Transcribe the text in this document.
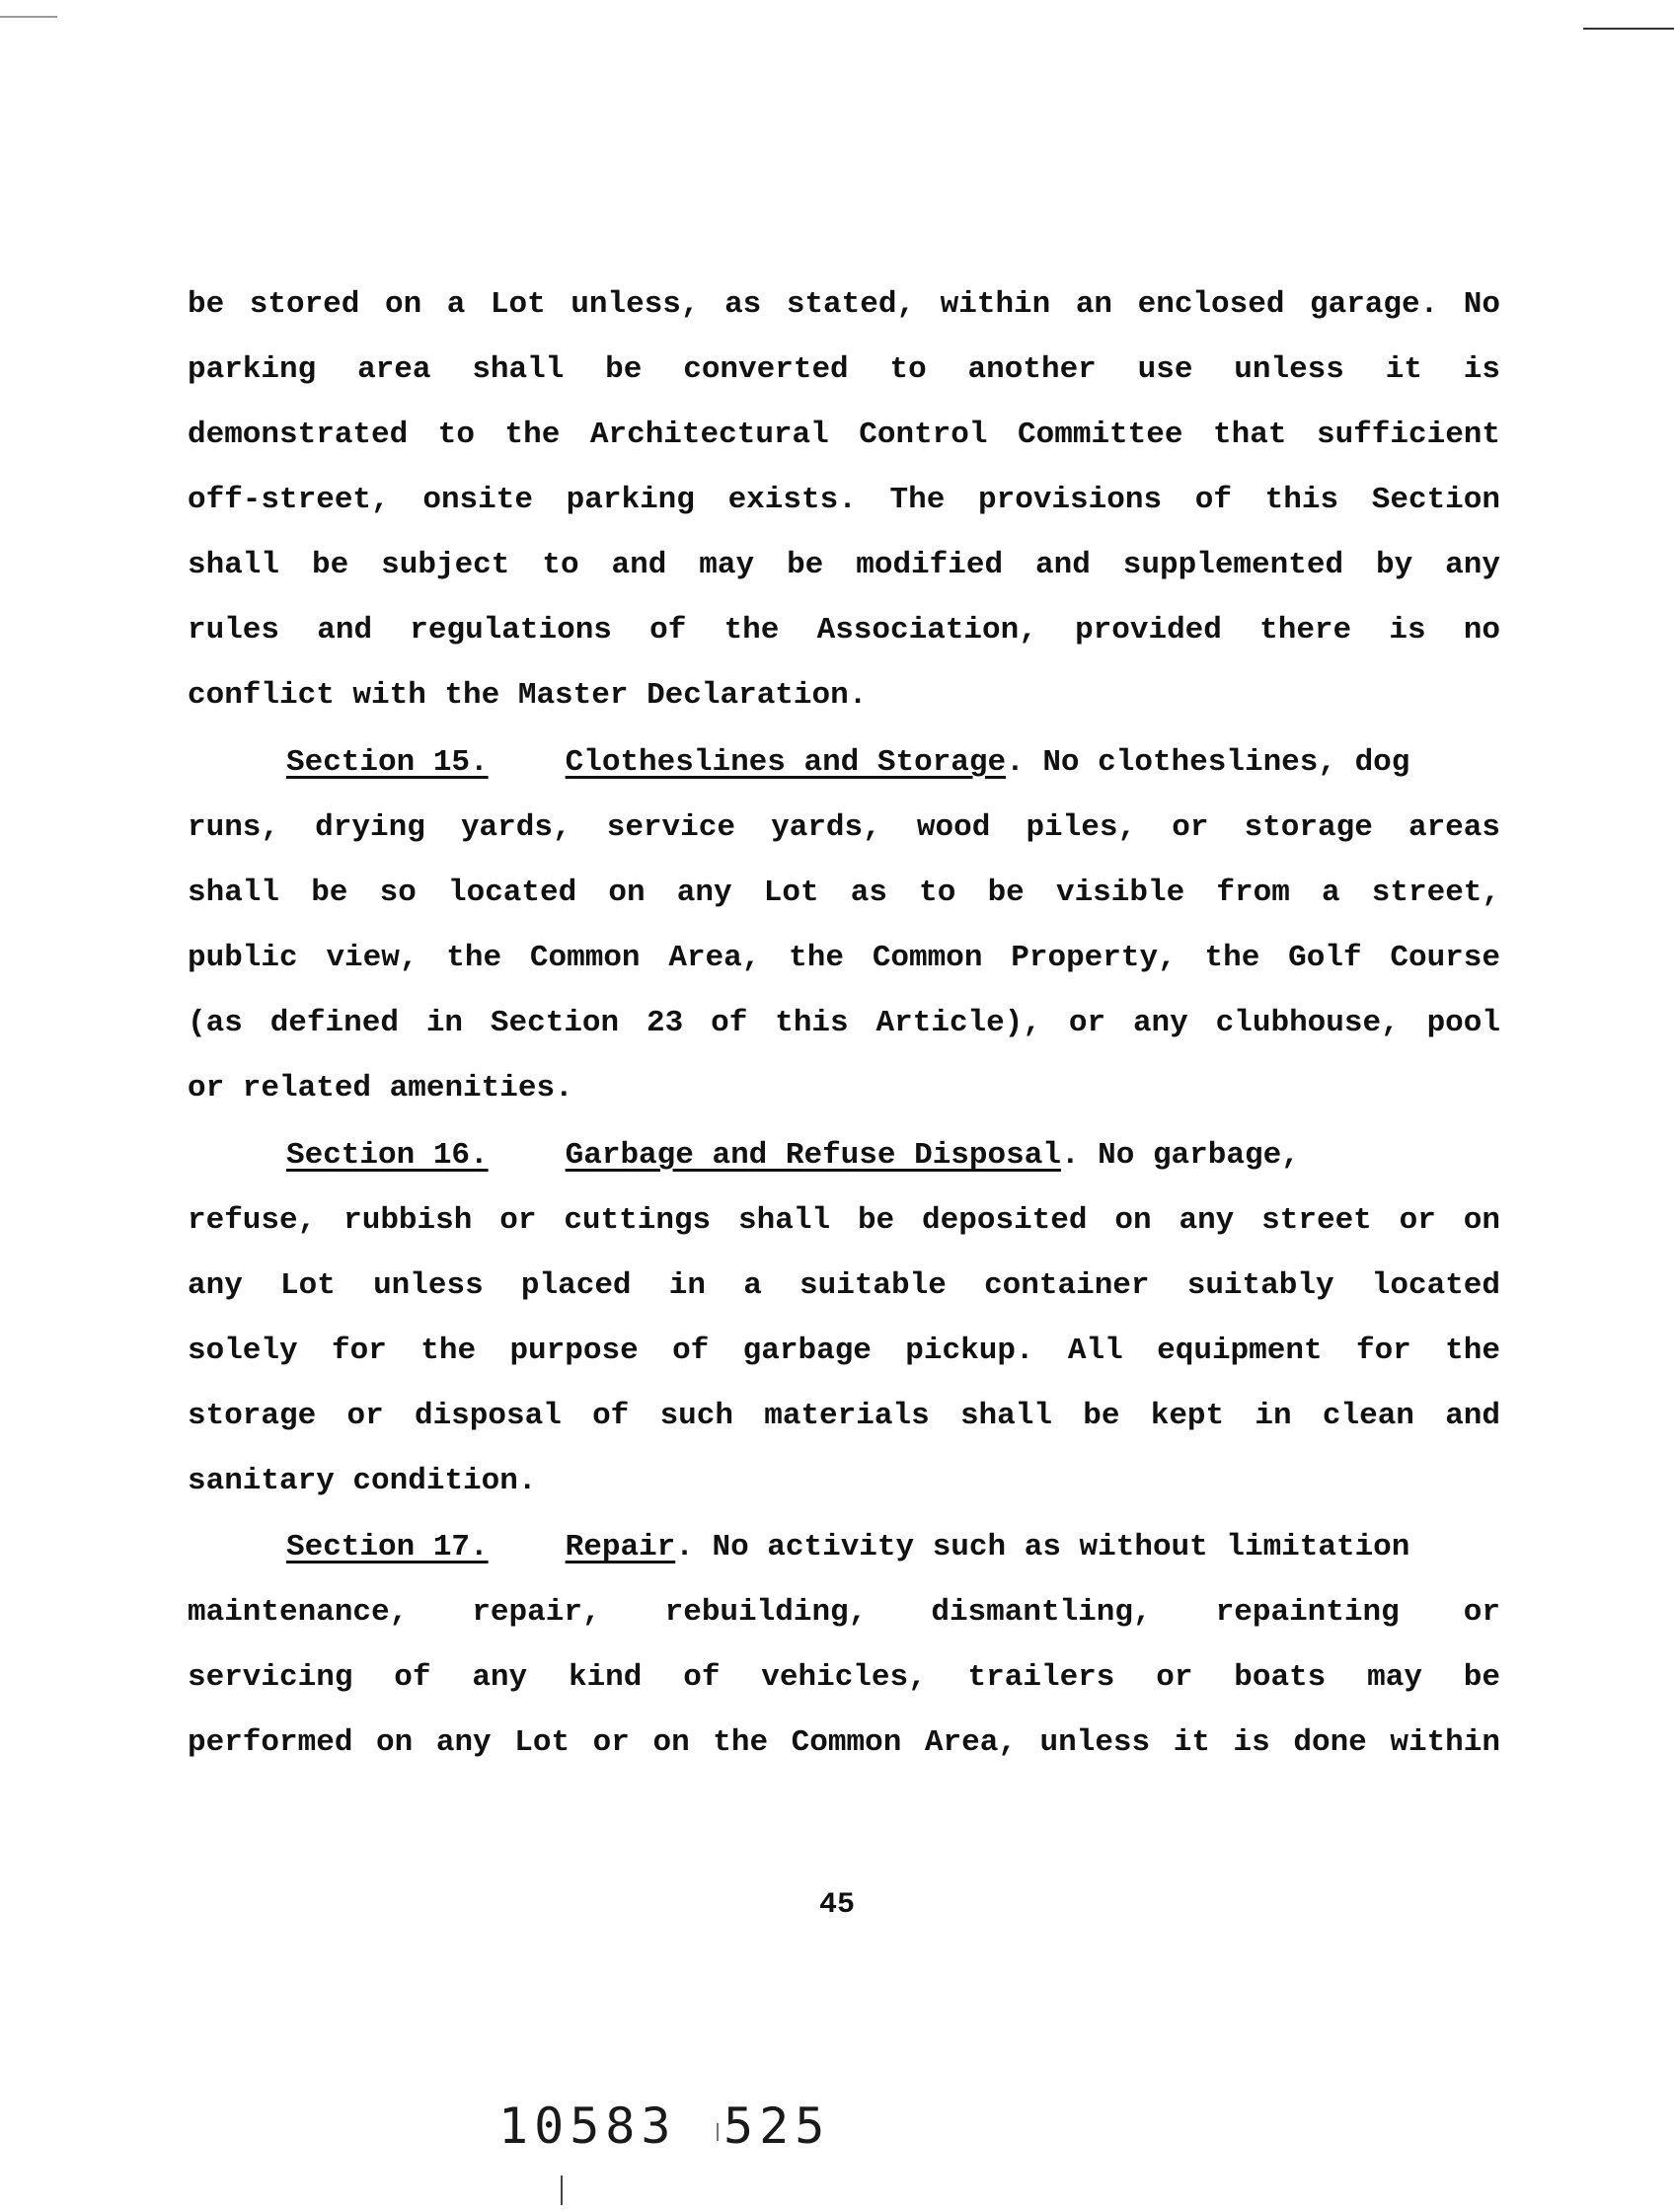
be stored on a Lot unless, as stated, within an enclosed garage. No
parking area shall be converted to another use unless it is
demonstrated to the Architectural Control Committee that sufficient
off-street, onsite parking exists. The provisions of this Section
shall be subject to and may be modified and supplemented by any
rules and regulations of the Association, provided there is no
conflict with the Master Declaration.
Section 15.	Clotheslines and Storage. No clotheslines, dog
runs, drying yards, service yards, wood piles, or storage areas
shall be so located on any Lot as to be visible from a street,
public view, the Common Area, the Common Property, the Golf Course
(as defined in Section 23 of this Article), or any clubhouse, pool
or related amenities.
Section 16.	Garbage and Refuse Disposal. No garbage,
refuse, rubbish or cuttings shall be deposited on any street or on
any Lot unless placed in a suitable container suitably located
solely for the purpose of garbage pickup. All equipment for the
storage or disposal of such materials shall be kept in clean and
sanitary condition.
Section 17.	Repair. No activity such as without limitation
maintenance, repair, rebuilding, dismantling, repainting or
servicing of any kind of vehicles, trailers or boats may be
performed on any Lot or on the Common Area, unless it is done within
45
10583 525
